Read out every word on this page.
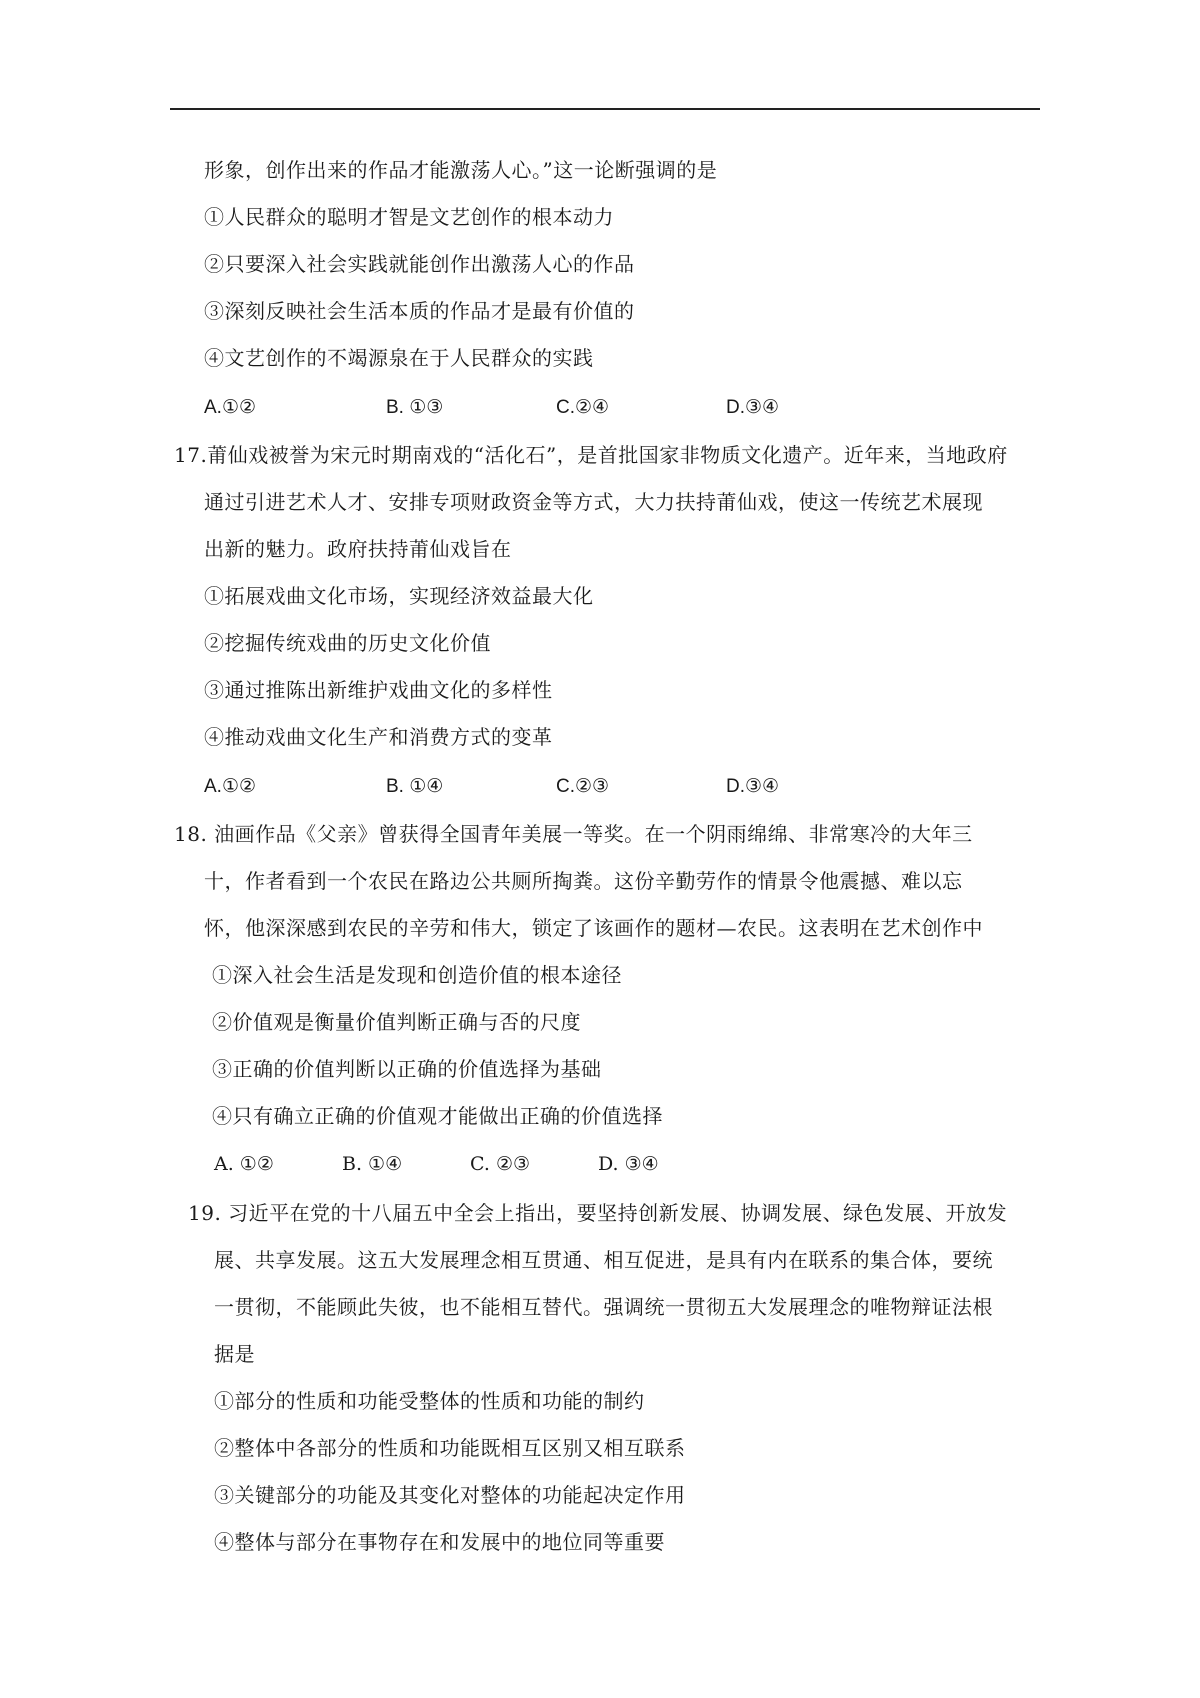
形象，创作出来的作品才能激荡人心。”这一论断强调的是
①人民群众的聪明才智是文艺创作的根本动力
②只要深入社会实践就能创作出激荡人心的作品
③深刻反映社会生活本质的作品才是最有价值的
④文艺创作的不竭源泉在于人民群众的实践
A.①②	B. ①③	C.②④	D.③④
17.莆仙戏被誉为宋元时期南戏的“活化石”，是首批国家非物质文化遗产。近年来，当地政府
通过引进艺术人才、安排专项财政资金等方式，大力扶持莆仙戏，使这一传统艺术展现
出新的魅力。政府扶持莆仙戏旨在
①拓展戏曲文化市场，实现经济效益最大化
②挖掘传统戏曲的历史文化价值
③通过推陈出新维护戏曲文化的多样性
④推动戏曲文化生产和消费方式的变革
A.①②	B. ①④	C.②③	D.③④
18. 油画作品《父亲》曾获得全国青年美展一等奖。在一个阴雨绵绵、非常寒冷的大年三
十，作者看到一个农民在路边公共厕所掏粪。这份辛勤劳作的情景令他震撼、难以忘
怀，他深深感到农民的辛劳和伟大，锁定了该画作的题材—农民。这表明在艺术创作中
①深入社会生活是发现和创造价值的根本途径
②价值观是衡量价值判断正确与否的尺度
③正确的价值判断以正确的价值选择为基础
④只有确立正确的价值观才能做出正确的价值选择
A. ①②	B. ①④	C. ②③	D. ③④
19. 习近平在党的十八届五中全会上指出，要坚持创新发展、协调发展、绿色发展、开放发
展、共享发展。这五大发展理念相互贯通、相互促进，是具有内在联系的集合体，要统
一贯彻，不能顾此失彼，也不能相互替代。强调统一贯彻五大发展理念的唯物辩证法根
据是
①部分的性质和功能受整体的性质和功能的制约
②整体中各部分的性质和功能既相互区别又相互联系
③关键部分的功能及其变化对整体的功能起决定作用
④整体与部分在事物存在和发展中的地位同等重要
